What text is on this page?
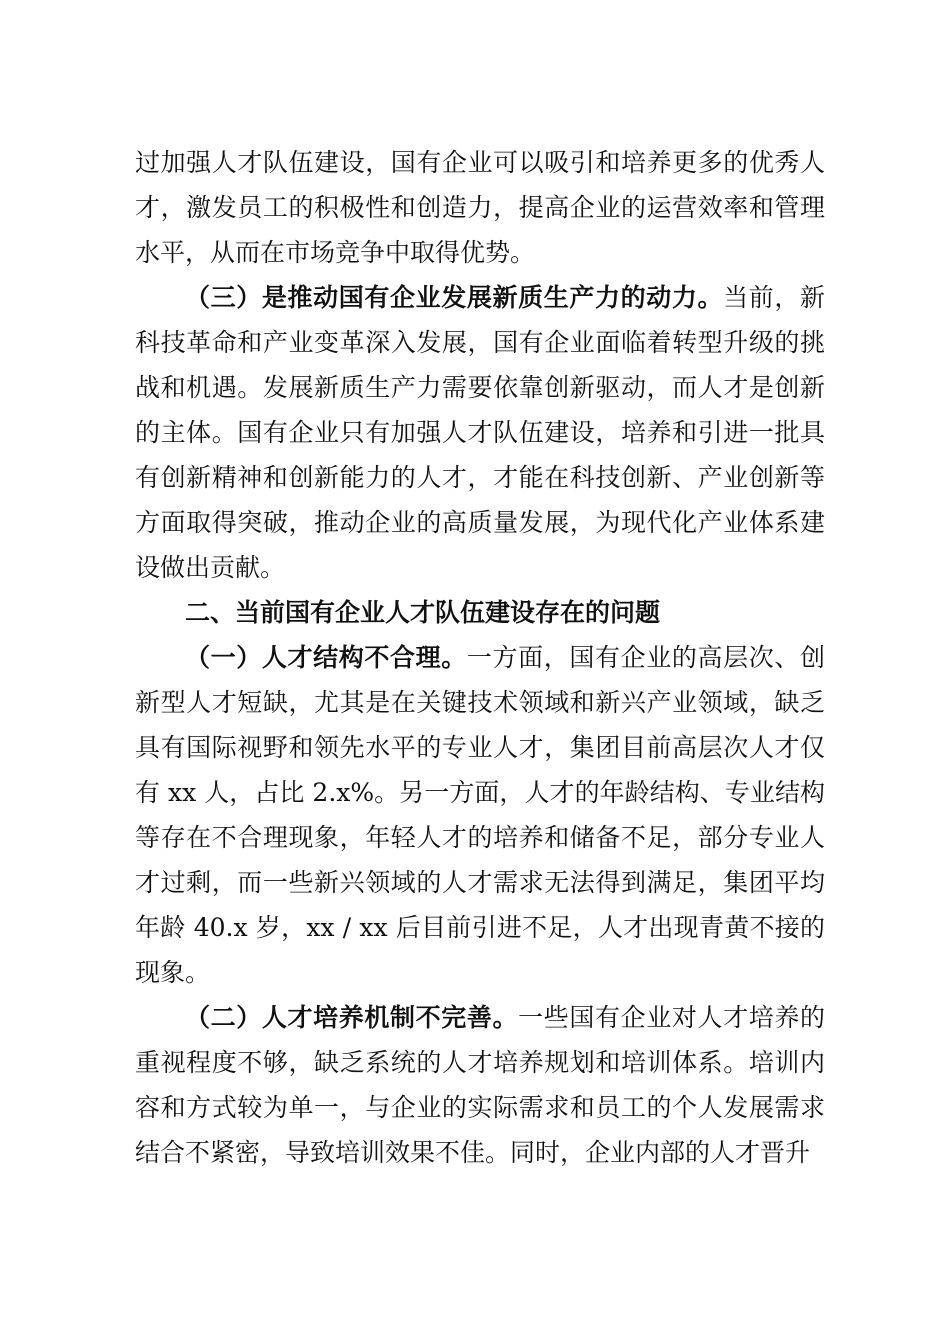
过加强人才队伍建设，国有企业可以吸引和培养更多的优秀人才，激发员工的积极性和创造力，提高企业的运营效率和管理水平，从而在市场竞争中取得优势。

（三）是推动国有企业发展新质生产力的动力。当前，新科技革命和产业变革深入发展，国有企业面临着转型升级的挑战和机遇。发展新质生产力需要依靠创新驱动，而人才是创新的主体。国有企业只有加强人才队伍建设，培养和引进一批具有创新精神和创新能力的人才，才能在科技创新、产业创新等方面取得突破，推动企业的高质量发展，为现代化产业体系建设做出贡献。

二、当前国有企业人才队伍建设存在的问题

（一）人才结构不合理。一方面，国有企业的高层次、创新型人才短缺，尤其是在关键技术领域和新兴产业领域，缺乏具有国际视野和领先水平的专业人才，集团目前高层次人才仅有 xx 人，占比 2.x%。另一方面，人才的年龄结构、专业结构等存在不合理现象，年轻人才的培养和储备不足，部分专业人才过剩，而一些新兴领域的人才需求无法得到满足，集团平均年龄 40.x 岁，xx / xx 后目前引进不足，人才出现青黄不接的现象。

（二）人才培养机制不完善。一些国有企业对人才培养的重视程度不够，缺乏系统的人才培养规划和培训体系。培训内容和方式较为单一，与企业的实际需求和员工的个人发展需求结合不紧密，导致培训效果不佳。同时，企业内部的人才晋升
